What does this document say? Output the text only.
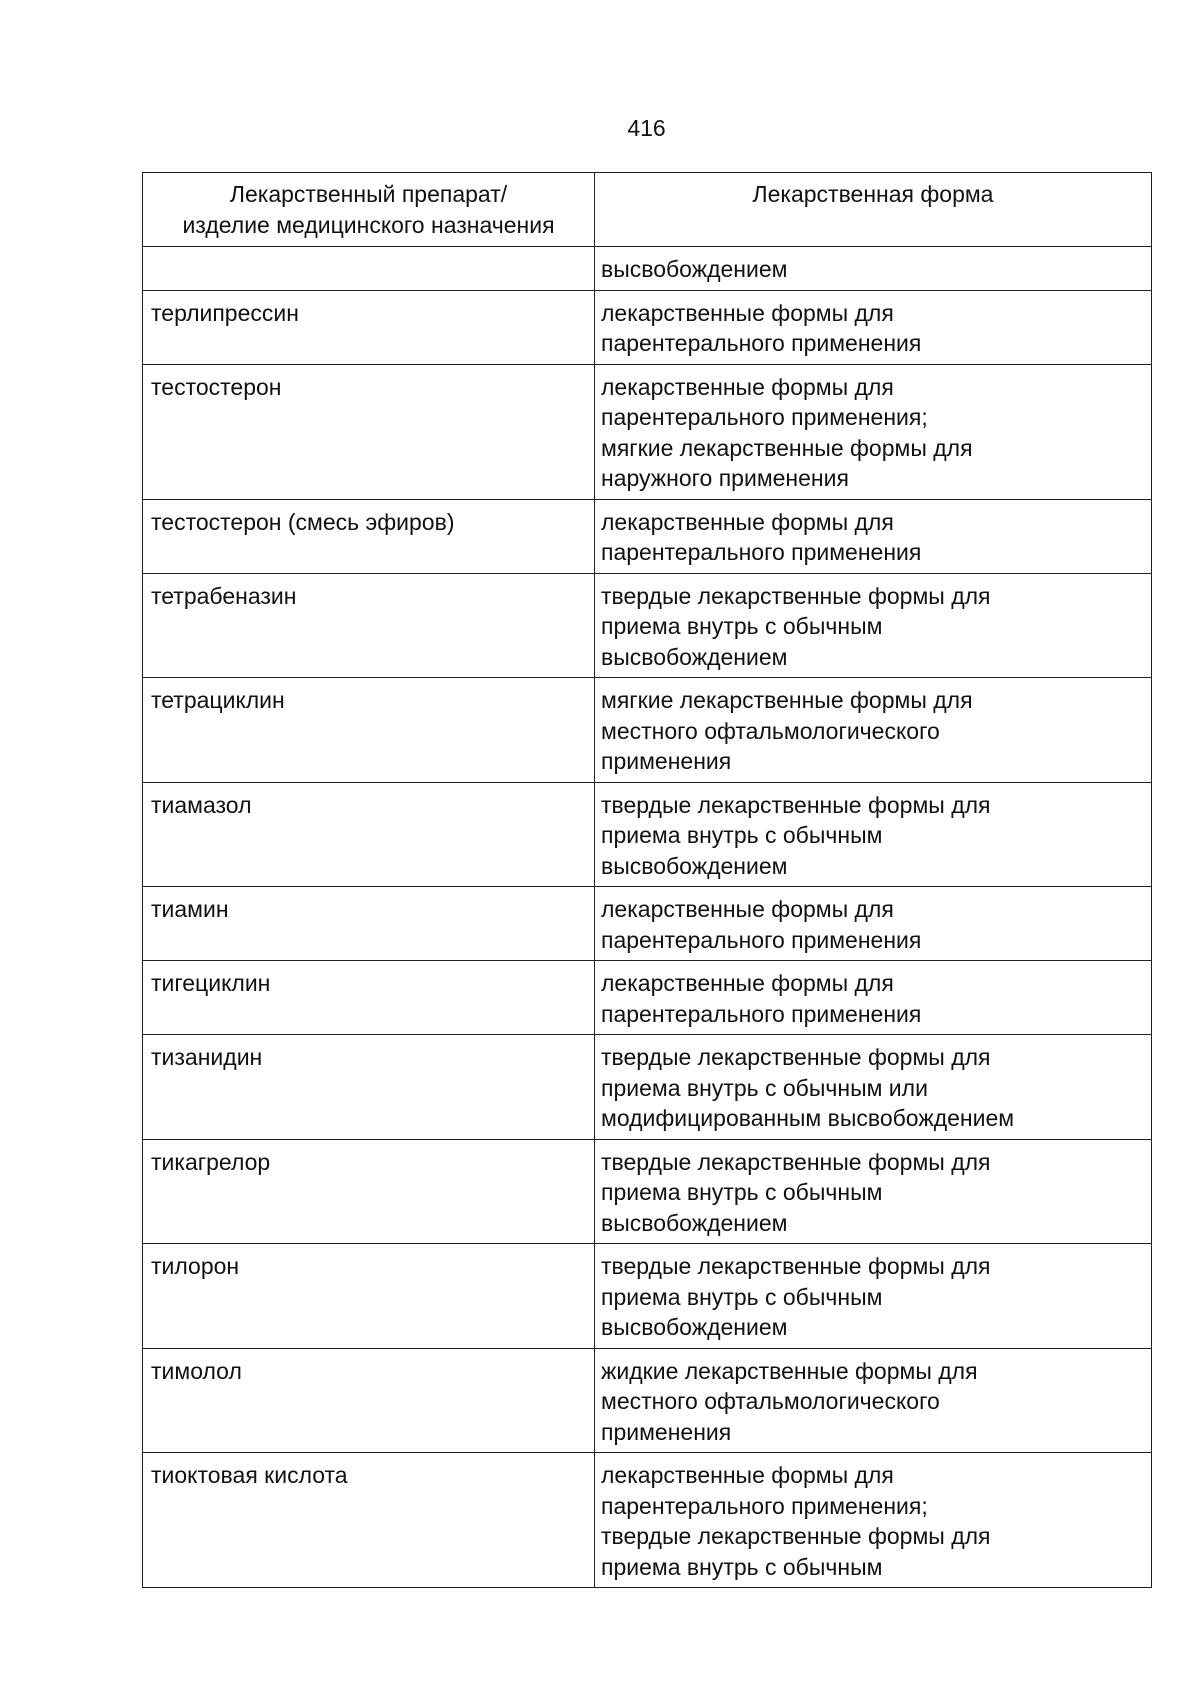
416
Лекарственный препарат/
изделие медицинского назначения	Лекарственная форма
	высвобождением
терлипрессин	лекарственные формы для
парентерального применения
тестостерон	лекарственные формы для
парентерального применения;
мягкие лекарственные формы для
наружного применения
тестостерон (смесь эфиров)	лекарственные формы для
парентерального применения
тетрабеназин	твердые лекарственные формы для
приема внутрь с обычным
высвобождением
тетрациклин	мягкие лекарственные формы для
местного офтальмологического
применения
тиамазол	твердые лекарственные формы для
приема внутрь с обычным
высвобождением
тиамин	лекарственные формы для
парентерального применения
тигециклин	лекарственные формы для
парентерального применения
тизанидин	твердые лекарственные формы для
приема внутрь с обычным или
модифицированным высвобождением
тикагрелор	твердые лекарственные формы для
приема внутрь с обычным
высвобождением
тилорон	твердые лекарственные формы для
приема внутрь с обычным
высвобождением
тимолол	жидкие лекарственные формы для
местного офтальмологического
применения
тиоктовая кислота	лекарственные формы для
парентерального применения;
твердые лекарственные формы для
приема внутрь с обычным
